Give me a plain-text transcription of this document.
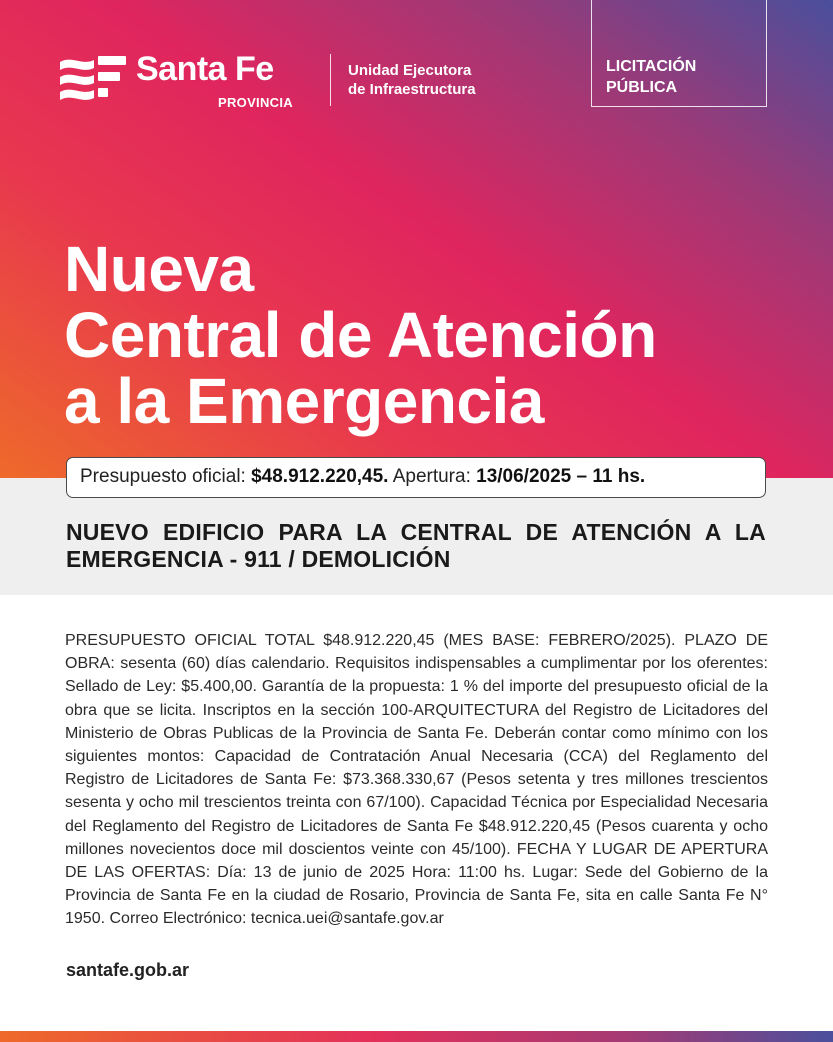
Santa Fe
PROVINCIA
Unidad Ejecutora
de Infraestructura
LICITACIÓN
PÚBLICA
Nueva
Central de Atención
a la Emergencia
Presupuesto oficial: $48.912.220,45. Apertura: 13/06/2025 – 11 hs.
NUEVO EDIFICIO PARA LA CENTRAL DE ATENCIÓN A LA EMERGENCIA - 911 / DEMOLICIÓN

PRESUPUESTO OFICIAL TOTAL $48.912.220,45 (MES BASE: FEBRERO/2025). PLAZO DE OBRA: sesenta (60) días calendario. Requisitos indispensables a cumplimentar por los oferentes: Sellado de Ley: $5.400,00. Garantía de la propuesta: 1 % del importe del presupuesto oficial de la obra que se licita. Inscriptos en la sección 100-ARQUITECTURA del Registro de Licitadores del Ministerio de Obras Publicas de la Provincia de Santa Fe. Deberán contar como mínimo con los siguientes montos: Capacidad de Contratación Anual Necesaria (CCA) del Reglamento del Registro de Licitadores de Santa Fe: $73.368.330,67 (Pesos setenta y tres millones trescientos sesenta y ocho mil trescientos treinta con 67/100). Capacidad Técnica por Especialidad Necesaria del Reglamento del Registro de Licitadores de Santa Fe $48.912.220,45 (Pesos cuarenta y ocho millones novecientos doce mil doscientos veinte con 45/100). FECHA Y LUGAR DE APERTURA DE LAS OFERTAS: Día: 13 de junio de 2025 Hora: 11:00 hs. Lugar: Sede del Gobierno de la Provincia de Santa Fe en la ciudad de Rosario, Provincia de Santa Fe, sita en calle Santa Fe N° 1950. Correo Electrónico: tecnica.uei@santafe.gov.ar

santafe.gob.ar
